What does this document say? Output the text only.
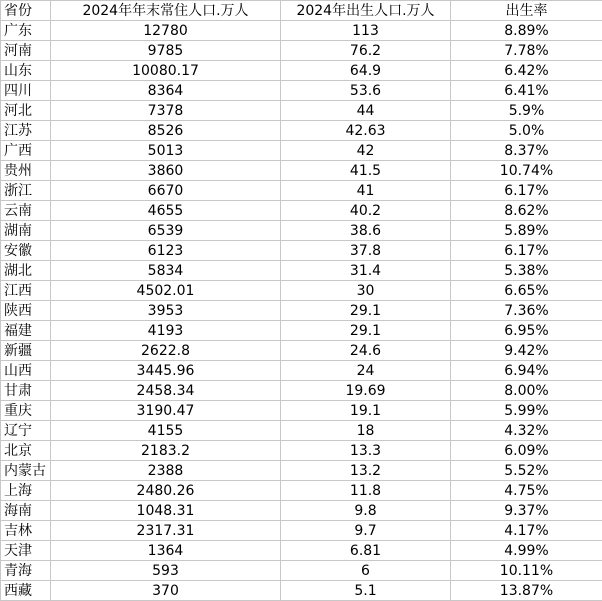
省份	2024年年末常住人口.万人	2024年出生人口.万人	出生率
广东	12780	113	8.89%
河南	9785	76.2	7.78%
山东	10080.17	64.9	6.42%
四川	8364	53.6	6.41%
河北	7378	44	5.9%
江苏	8526	42.63	5.0%
广西	5013	42	8.37%
贵州	3860	41.5	10.74%
浙江	6670	41	6.17%
云南	4655	40.2	8.62%
湖南	6539	38.6	5.89%
安徽	6123	37.8	6.17%
湖北	5834	31.4	5.38%
江西	4502.01	30	6.65%
陕西	3953	29.1	7.36%
福建	4193	29.1	6.95%
新疆	2622.8	24.6	9.42%
山西	3445.96	24	6.94%
甘肃	2458.34	19.69	8.00%
重庆	3190.47	19.1	5.99%
辽宁	4155	18	4.32%
北京	2183.2	13.3	6.09%
内蒙古	2388	13.2	5.52%
上海	2480.26	11.8	4.75%
海南	1048.31	9.8	9.37%
吉林	2317.31	9.7	4.17%
天津	1364	6.81	4.99%
青海	593	6	10.11%
西藏	370	5.1	13.87%
